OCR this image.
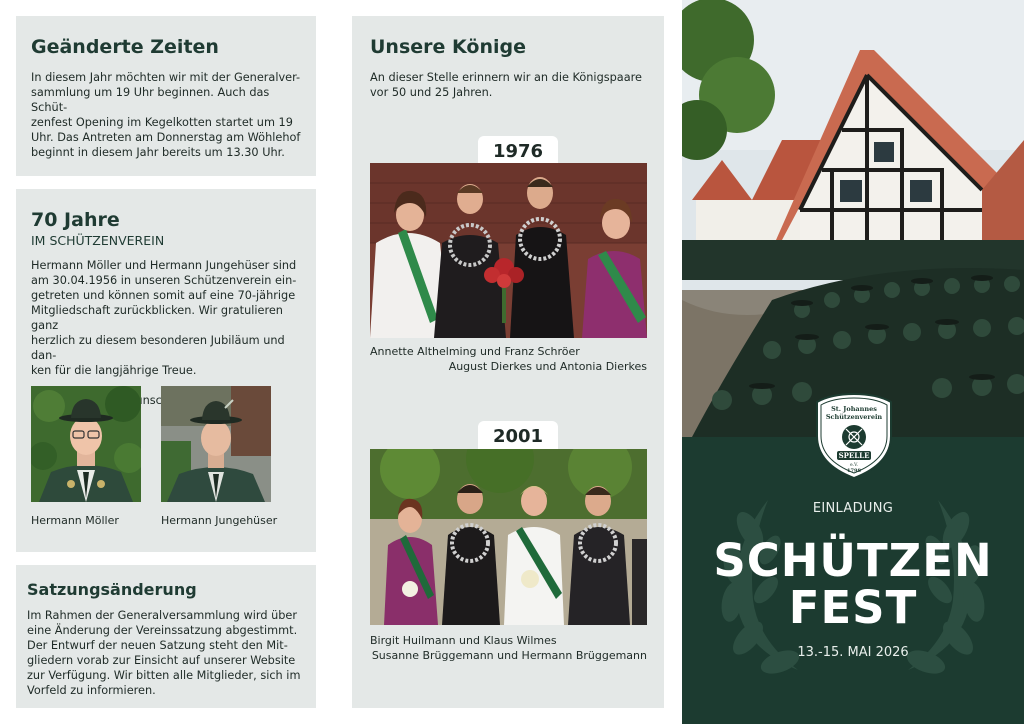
Geänderte Zeiten

In diesem Jahr möchten wir mit der Generalver-
sammlung um 19 Uhr beginnen. Auch das Schüt-
zenfest Opening im Kegelkotten startet um 19
Uhr. Das Antreten am Donnerstag am Wöhlehof
beginnt in diesem Jahr bereits um 13.30 Uhr.

70 Jahre
IM SCHÜTZENVEREIN

Hermann Möller und Hermann Jungehüser sind
am 30.04.1956 in unseren Schützenverein ein-
getreten und können somit auf eine 70-jährige
Mitgliedschaft zurückblicken. Wir gratulieren ganz
herzlich zu diesem besonderen Jubiläum und dan-
ken für die langjährige Treue.

Hermann Möller	Hermann Jungehüser
Satzungsänderung

Im Rahmen der Generalversammlung wird über
eine Änderung der Vereinssatzung abgestimmt.
Der Entwurf der neuen Satzung steht den Mit-
gliedern vorab zur Einsicht auf unserer Website
zur Verfügung. Wir bitten alle Mitglieder, sich im
Vorfeld zu informieren.

Unsere Könige

An dieser Stelle erinnern wir an die Königspaare
vor 50 und 25 Jahren.

1976
Annette Althelming und Franz Schröer
August Dierkes und Antonia Dierkes
2001
Birgit Huilmann und Klaus Wilmes
Susanne Brüggemann und Hermann Brüggemann
St. Johannes
Schützenverein
SPELLE
e.V.
1798
EINLADUNG
SCHÜTZEN
FEST
13.-15. MAI 2026
